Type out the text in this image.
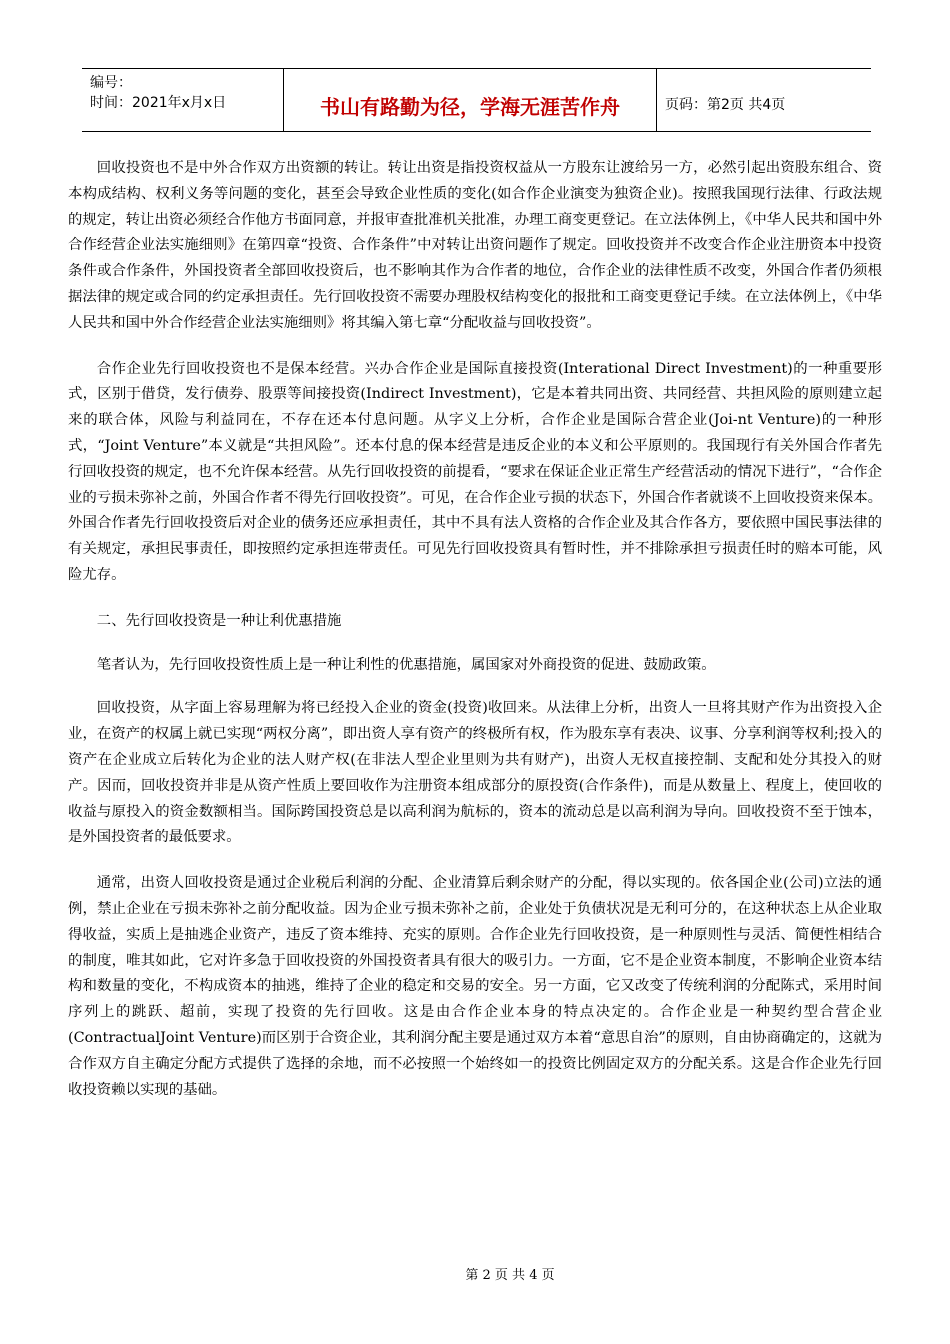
编号：
时间：2021年x月x日	书山有路勤为径，学海无涯苦作舟	页码：第2页 共4页

回收投资也不是中外合作双方出资额的转让。转让出资是指投资权益从一方股东让渡给另一方，必然引起出资股东组合、资本构成结构、权利义务等问题的变化，甚至会导致企业性质的变化(如合作企业演变为独资企业)。按照我国现行法律、行政法规的规定，转让出资必须经合作他方书面同意，并报审查批准机关批准，办理工商变更登记。在立法体例上，《中华人民共和国中外合作经营企业法实施细则》在第四章“投资、合作条件”中对转让出资问题作了规定。回收投资并不改变合作企业注册资本中投资条件或合作条件，外国投资者全部回收投资后，也不影响其作为合作者的地位，合作企业的法律性质不改变，外国合作者仍须根据法律的规定或合同的约定承担责任。先行回收投资不需要办理股权结构变化的报批和工商变更登记手续。在立法体例上，《中华人民共和国中外合作经营企业法实施细则》将其编入第七章“分配收益与回收投资”。

合作企业先行回收投资也不是保本经营。兴办合作企业是国际直接投资(Interational Direct Investment)的一种重要形式，区别于借贷，发行债券、股票等间接投资(Indirect Investment)，它是本着共同出资、共同经营、共担风险的原则建立起来的联合体，风险与利益同在，不存在还本付息问题。从字义上分析，合作企业是国际合营企业(Joi-nt Venture)的一种形式，“Joint Venture”本义就是“共担风险”。还本付息的保本经营是违反企业的本义和公平原则的。我国现行有关外国合作者先行回收投资的规定，也不允许保本经营。从先行回收投资的前提看，“要求在保证企业正常生产经营活动的情况下进行”，“合作企业的亏损未弥补之前，外国合作者不得先行回收投资”。可见，在合作企业亏损的状态下，外国合作者就谈不上回收投资来保本。外国合作者先行回收投资后对企业的债务还应承担责任，其中不具有法人资格的合作企业及其合作各方，要依照中国民事法律的有关规定，承担民事责任，即按照约定承担连带责任。可见先行回收投资具有暂时性，并不排除承担亏损责任时的赔本可能，风险尤存。

二、先行回收投资是一种让利优惠措施

笔者认为，先行回收投资性质上是一种让利性的优惠措施，属国家对外商投资的促进、鼓励政策。

回收投资，从字面上容易理解为将已经投入企业的资金(投资)收回来。从法律上分析，出资人一旦将其财产作为出资投入企业，在资产的权属上就已实现“两权分离”，即出资人享有资产的终极所有权，作为股东享有表决、议事、分享利润等权利;投入的资产在企业成立后转化为企业的法人财产权(在非法人型企业里则为共有财产)，出资人无权直接控制、支配和处分其投入的财产。因而，回收投资并非是从资产性质上要回收作为注册资本组成部分的原投资(合作条件)，而是从数量上、程度上，使回收的收益与原投入的资金数额相当。国际跨国投资总是以高利润为航标的，资本的流动总是以高利润为导向。回收投资不至于蚀本，是外国投资者的最低要求。

通常，出资人回收投资是通过企业税后利润的分配、企业清算后剩余财产的分配，得以实现的。依各国企业(公司)立法的通例，禁止企业在亏损未弥补之前分配收益。因为企业亏损未弥补之前，企业处于负债状况是无利可分的，在这种状态上从企业取得收益，实质上是抽逃企业资产，违反了资本维持、充实的原则。合作企业先行回收投资，是一种原则性与灵活、简便性相结合的制度，唯其如此，它对许多急于回收投资的外国投资者具有很大的吸引力。一方面，它不是企业资本制度，不影响企业资本结构和数量的变化，不构成资本的抽逃，维持了企业的稳定和交易的安全。另一方面，它又改变了传统利润的分配陈式，采用时间序列上的跳跃、超前，实现了投资的先行回收。这是由合作企业本身的特点决定的。合作企业是一种契约型合营企业(ContractualJoint Venture)而区别于合资企业，其利润分配主要是通过双方本着“意思自治”的原则，自由协商确定的，这就为合作双方自主确定分配方式提供了选择的余地，而不必按照一个始终如一的投资比例固定双方的分配关系。这是合作企业先行回收投资赖以实现的基础。

第 2 页 共 4 页
